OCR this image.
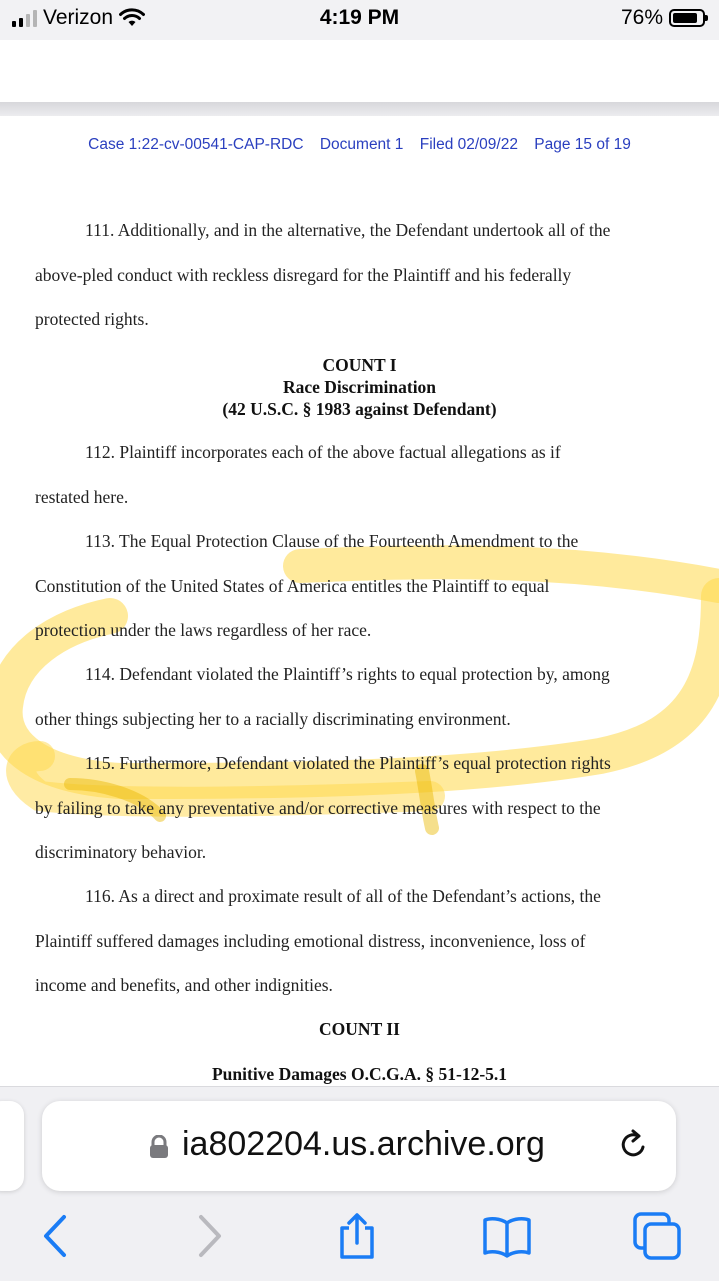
Verizon	4:19 PM	76%
Case 1:22-cv-00541-CAP-RDC Document 1 Filed 02/09/22 Page 15 of 19
111. Additionally, and in the alternative, the Defendant undertook all of the
above-pled conduct with reckless disregard for the Plaintiff and his federally
protected rights.
COUNT I
Race Discrimination
(42 U.S.C. § 1983 against Defendant)
112. Plaintiff incorporates each of the above factual allegations as if
restated here.
113. The Equal Protection Clause of the Fourteenth Amendment to the
Constitution of the United States of America entitles the Plaintiff to equal
protection under the laws regardless of her race.
114. Defendant violated the Plaintiff’s rights to equal protection by, among
other things subjecting her to a racially discriminating environment.
115. Furthermore, Defendant violated the Plaintiff’s equal protection rights
by failing to take any preventative and/or corrective measures with respect to the
discriminatory behavior.
116. As a direct and proximate result of all of the Defendant’s actions, the
Plaintiff suffered damages including emotional distress, inconvenience, loss of
income and benefits, and other indignities.
COUNT II
Punitive Damages O.C.G.A. § 51-12-5.1
ia802204.us.archive.org
